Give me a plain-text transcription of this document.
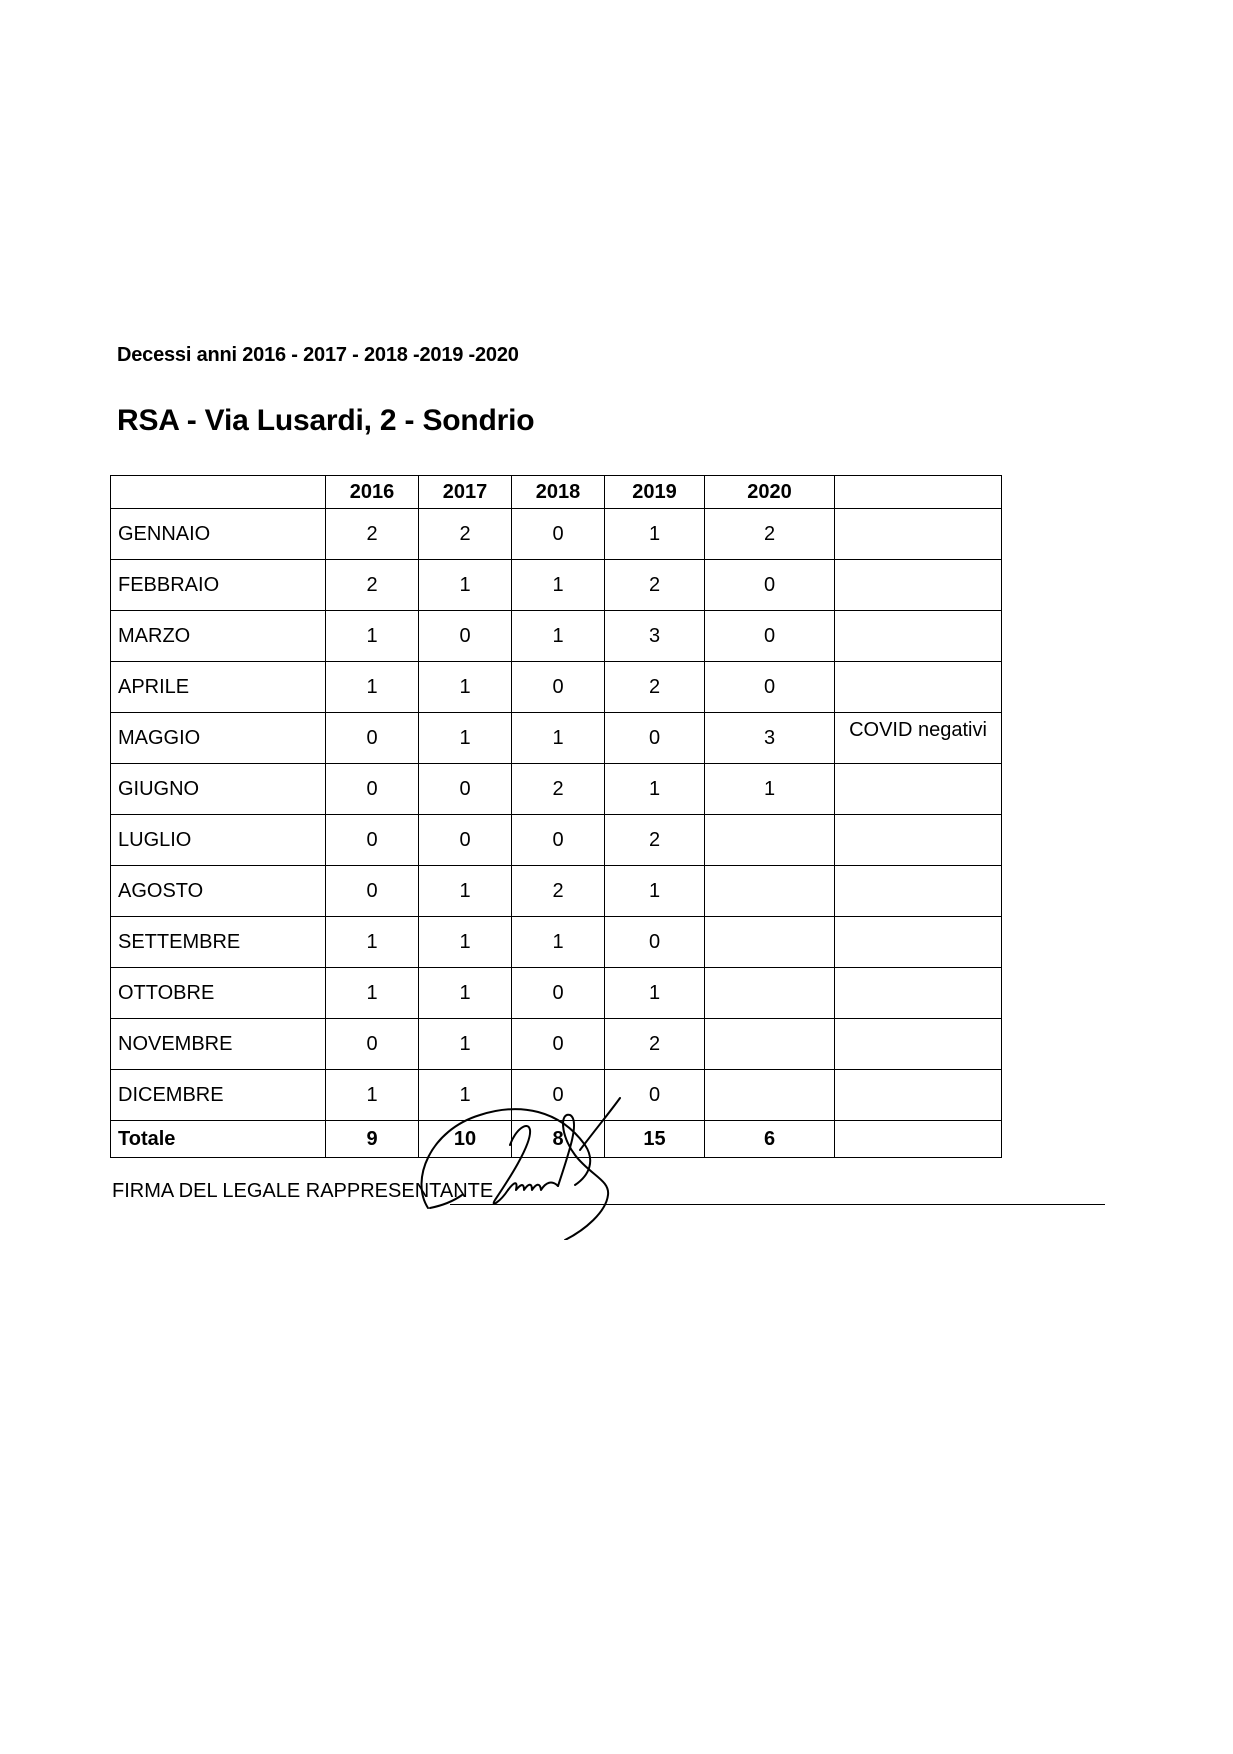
Decessi anni 2016 - 2017 - 2018 -2019 -2020
RSA - Via Lusardi, 2 - Sondrio
	2016	2017	2018	2019	2020	
GENNAIO	2	2	0	1	2	
FEBBRAIO	2	1	1	2	0	
MARZO	1	0	1	3	0	
APRILE	1	1	0	2	0	
MAGGIO	0	1	1	0	3	COVID negativi
GIUGNO	0	0	2	1	1	
LUGLIO	0	0	0	2		
AGOSTO	0	1	2	1		
SETTEMBRE	1	1	1	0		
OTTOBRE	1	1	0	1		
NOVEMBRE	0	1	0	2		
DICEMBRE	1	1	0	0		
Totale	9	10	8	15	6	
FIRMA DEL LEGALE RAPPRESENTANTE
